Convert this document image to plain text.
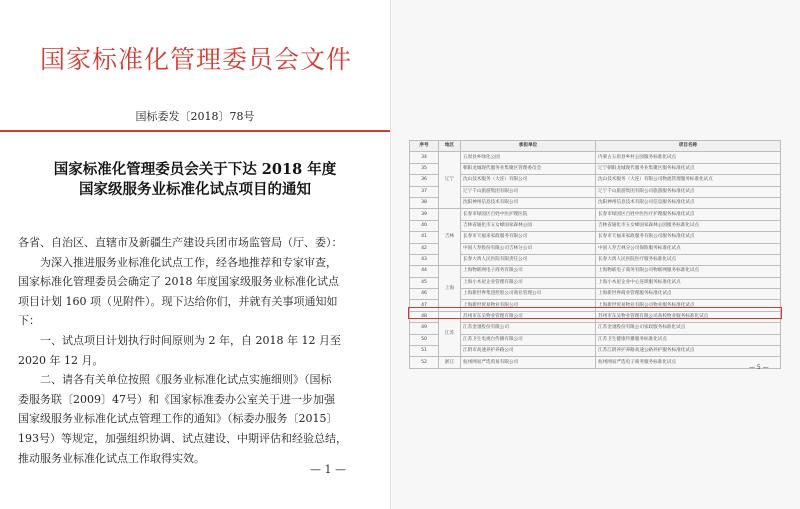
国家标准化管理委员会文件
国标委发〔2018〕78号
国家标准化管理委员会关于下达 2018 年度
国家级服务业标准化试点项目的通知
各省、自治区、直辖市及新疆生产建设兵团市场监管局（厅、委）：
为深入推进服务业标准化试点工作，经各地推荐和专家审查，
国家标准化管理委员会确定了 2018 年度国家级服务业标准化试点
项目计划 160 项（见附件）。现下达给你们，并就有关事项通知如
下：
一、试点项目计划执行时间原则为 2 年，自 2018 年 12 月至
2020 年 12 月。
二、请各有关单位按照《服务业标准化试点实施细则》（国标
委服务联〔2009〕47号）和《国家标准委办公室关于进一步加强
国家级服务业标准化试点管理工作的通知》（标委办服务〔2015〕
193号）等规定，加强组织协调、试点建设、中期评估和经验总结，
推动服务业标准化试点工作取得实效。
— 1 —
序号	地区	承担单位	项目名称
34	辽宁	五原县乡绿化公园	内蒙古五原县乡村公园服务标准化试点
35		朝阳龙城现代服务业集聚区管理委员会	辽宁朝阳龙城现代服务业集聚区服务标准化试点
36		沈山技术服务（大连）有限公司	沈山技术服务（大连）有限公司物流管理服务标准化试点
37		辽宁千山旅游集团有限公司	辽宁千山旅游集团有限公司旅游服务标准化试点
38		沈阳神州信息技术有限公司	沈阳神州信息技术有限公司信息服务标准化试点
39	吉林	长春市绿园区百姓中医护理医院	长春市绿园区百姓中医医疗护理服务标准化试点
40		吉林省通化市五女峰国家森林公园	吉林省通化市五女峰国家森林公园服务标准化试点
41		长春市天福来家政服务有限公司	长春市天福来家政服务有限公司服务标准化试点
42		中国人寿股份有限公司吉林分公司	中国人寿吉林分公司保险服务标准化试点
43		长春大禹人民医院有限责任公司	长春大禹人民医院医疗服务标准化试点
44	上海	上海物联网电子商务有限公司	上海物联电子商务有限公司物联网服务标准化试点
45		上海小木屋企业管理有限公司	上海小木屋企业中心连锁服务标准化试点
46		上海新世界集团控股公司商业管理公司	上海新世界商业管理服务标准化试点
47		上海新世贸易物业有限公司	上海新世贸易物业有限公司物业服务标准化试点
48	江苏	苏州市东吴物业管理有限公司	苏州市东吴物业管理有限公司高校物业服务标准化试点
49		江苏金翎股份有限公司	江苏金翎股份有限公司家政服务标准化试点
50		江苏卫生电视台传播有限公司	江苏卫生健康传播服务标准化试点
51		江阴市高速养护养路公司	江苏江阴养护养路高速公路养护服务标准化试点
52	浙江	杭州网易严选贸易有限公司	杭州网易严选电子商务服务标准化试点
— 5 —
